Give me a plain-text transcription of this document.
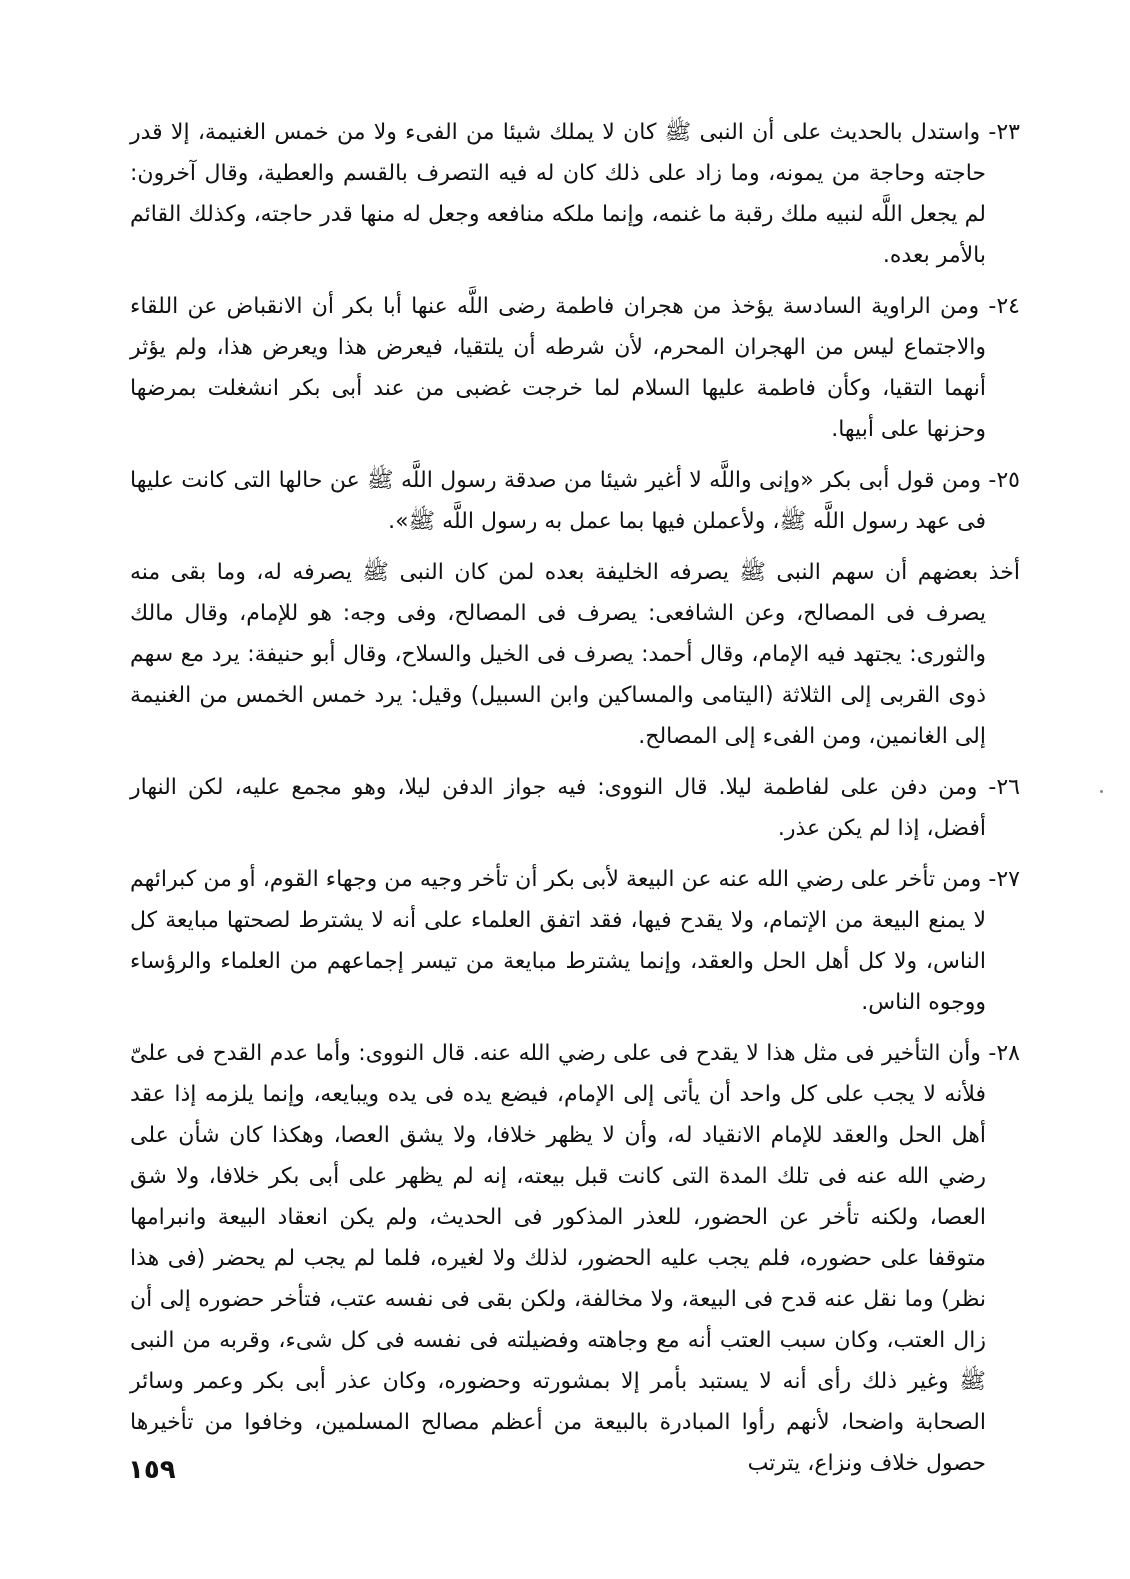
٢٣- واستدل بالحديث على أن النبى ﷺ كان لا يملك شيئا من الفىء ولا من خمس الغنيمة، إلا قدر حاجته وحاجة من يمونه، وما زاد على ذلك كان له فيه التصرف بالقسم والعطية، وقال آخرون: لم يجعل اللَّه لنبيه ملك رقبة ما غنمه، وإنما ملكه منافعه وجعل له منها قدر حاجته، وكذلك القائم بالأمر بعده.

٢٤- ومن الراوية السادسة يؤخذ من هجران فاطمة رضى اللَّه عنها أبا بكر أن الانقباض عن اللقاء والاجتماع ليس من الهجران المحرم، لأن شرطه أن يلتقيا، فيعرض هذا ويعرض هذا، ولم يؤثر أنهما التقيا، وكأن فاطمة عليها السلام لما خرجت غضبى من عند أبى بكر انشغلت بمرضها وحزنها على أبيها.

٢٥- ومن قول أبى بكر «وإنى واللَّه لا أغير شيئا من صدقة رسول اللَّه ﷺ عن حالها التى كانت عليها فى عهد رسول اللَّه ﷺ، ولأعملن فيها بما عمل به رسول اللَّه ﷺ».

أخذ بعضهم أن سهم النبى ﷺ يصرفه الخليفة بعده لمن كان النبى ﷺ يصرفه له، وما بقى منه يصرف فى المصالح، وعن الشافعى: يصرف فى المصالح، وفى وجه: هو للإمام، وقال مالك والثورى: يجتهد فيه الإمام، وقال أحمد: يصرف فى الخيل والسلاح، وقال أبو حنيفة: يرد مع سهم ذوى القربى إلى الثلاثة (اليتامى والمساكين وابن السبيل) وقيل: يرد خمس الخمس من الغنيمة إلى الغانمين، ومن الفىء إلى المصالح.

٢٦- ومن دفن على لفاطمة ليلا. قال النووى: فيه جواز الدفن ليلا، وهو مجمع عليه، لكن النهار أفضل، إذا لم يكن عذر.

٢٧- ومن تأخر على رضي الله عنه عن البيعة لأبى بكر أن تأخر وجيه من وجهاء القوم، أو من كبرائهم لا يمنع البيعة من الإتمام، ولا يقدح فيها، فقد اتفق العلماء على أنه لا يشترط لصحتها مبايعة كل الناس، ولا كل أهل الحل والعقد، وإنما يشترط مبايعة من تيسر إجماعهم من العلماء والرؤساء ووجوه الناس.

٢٨- وأن التأخير فى مثل هذا لا يقدح فى على رضي الله عنه. قال النووى: وأما عدم القدح فى علىّ فلأنه لا يجب على كل واحد أن يأتى إلى الإمام، فيضع يده فى يده ويبايعه، وإنما يلزمه إذا عقد أهل الحل والعقد للإمام الانقياد له، وأن لا يظهر خلافا، ولا يشق العصا، وهكذا كان شأن على رضي الله عنه فى تلك المدة التى كانت قبل بيعته، إنه لم يظهر على أبى بكر خلافا، ولا شق العصا، ولكنه تأخر عن الحضور، للعذر المذكور فى الحديث، ولم يكن انعقاد البيعة وانبرامها متوقفا على حضوره، فلم يجب عليه الحضور، لذلك ولا لغيره، فلما لم يجب لم يحضر (فى هذا نظر) وما نقل عنه قدح فى البيعة، ولا مخالفة، ولكن بقى فى نفسه عتب، فتأخر حضوره إلى أن زال العتب، وكان سبب العتب أنه مع وجاهته وفضيلته فى نفسه فى كل شىء، وقربه من النبى ﷺ وغير ذلك رأى أنه لا يستبد بأمر إلا بمشورته وحضوره، وكان عذر أبى بكر وعمر وسائر الصحابة واضحا، لأنهم رأوا المبادرة بالبيعة من أعظم مصالح المسلمين، وخافوا من تأخيرها حصول خلاف ونزاع، يترتب

١٥٩
